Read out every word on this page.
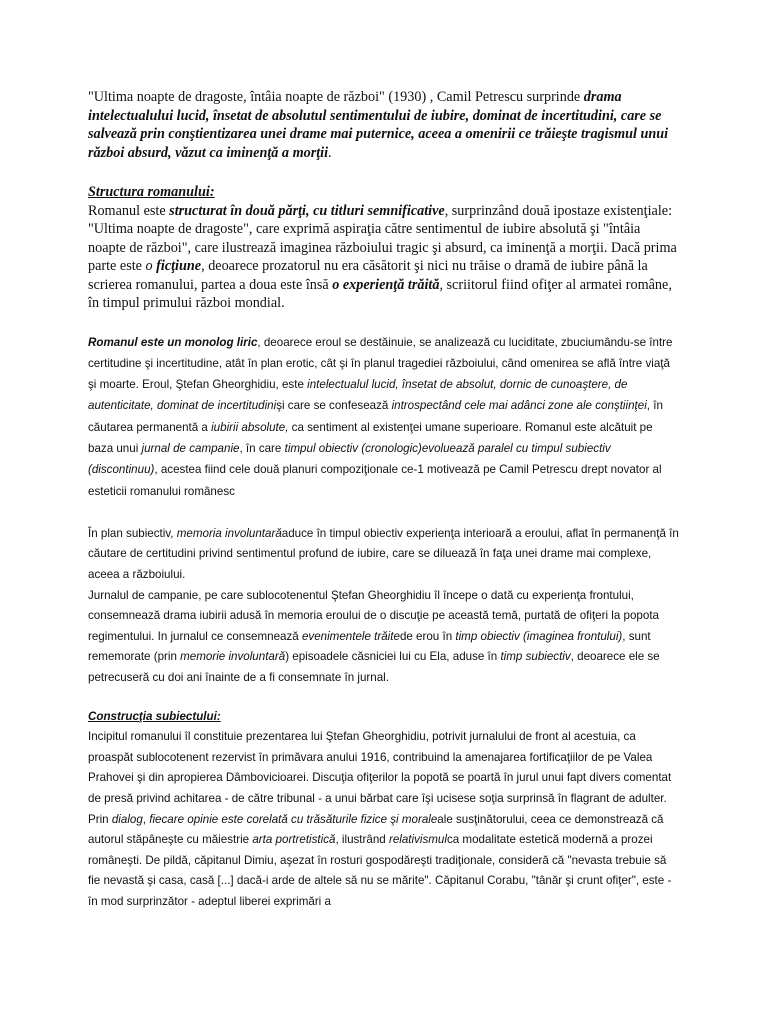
"Ultima noapte de dragoste, întâia noapte de război" (1930) , Camil Petrescu surprinde drama intelectualului lucid, însetat de absolutul sentimentului de iubire, dominat de incertitudini, care se salvează prin conştientizarea unei drame mai puternice, aceea a omenirii ce trăieşte tragismul unui război absurd, văzut ca iminenţă a morţii.

Structura romanului:
Romanul este structurat în două părţi, cu titluri semnificative, surprinzând două ipostaze existenţiale: "Ultima noapte de dragoste", care exprimă aspiraţia către sentimentul de iubire absolută şi "întâia noapte de război", care ilustrează imaginea războiului tragic şi absurd, ca iminenţă a morţii. Dacă prima parte este o ficţiune, deoarece prozatorul nu era căsătorit şi nici nu trăise o dramă de iubire până la scrierea romanului, partea a doua este însă o experienţă trăită, scriitorul fiind ofiţer al armatei române, în timpul primului război mondial.

Romanul este un monolog liric, deoarece eroul se destăinuie, se analizează cu luciditate, zbuciumându-se între certitudine şi incertitudine, atât în plan erotic, cât şi în planul tragediei războiului, când omenirea se află între viaţă şi moarte. Eroul, Ştefan Gheorghidiu, este intelectualul lucid, însetat de absolut, dornic de cunoaştere, de autenticitate, dominat de incertitudinişi care se confesează introspectând cele mai adânci zone ale conştiinţei, în căutarea permanentă a iubirii absolute, ca sentiment al existenţei umane superioare. Romanul este alcătuit pe baza unui jurnal de campanie, în care timpul obiectiv (cronologic)evoluează paralel cu timpul subiectiv (discontinuu), acestea fiind cele două planuri compoziţionale ce-1 motivează pe Camil Petrescu drept novator al esteticii romanului românesc

În plan subiectiv, memoria involuntarăaduce în timpul obiectiv experienţa interioară a eroului, aflat în permanenţă în căutare de certitudini privind sentimentul profund de iubire, care se diluează în faţa unei drame mai complexe, aceea a războiului.

Jurnalul de campanie, pe care sublocotenentul Ştefan Gheorghidiu îl începe o dată cu experienţa frontului, consemnează drama iubirii adusă în memoria eroului de o discuţie pe această temă, purtată de ofiţeri la popota regimentului. In jurnalul ce consemnează evenimentele trăitede erou în timp obiectiv (imaginea frontului), sunt rememorate (prin memorie involuntară) episoadele căsniciei lui cu Ela, aduse în timp subiectiv, deoarece ele se petrecuseră cu doi ani înainte de a fi consemnate în jurnal.

Construcţia subiectului:
Incipitul romanului îl constituie prezentarea lui Ştefan Gheorghidiu, potrivit jurnalului de front al acestuia, ca proaspăt sublocotenent rezervist în primăvara anului 1916, contribuind la amenajarea fortificaţiilor de pe Valea Prahovei şi din apropierea Dâmbovicioarei. Discuţia ofiţerilor la popotă se poartă în jurul unui fapt divers comentat de presă privind achitarea - de către tribunal - a unui bărbat care îşi ucisese soţia surprinsă în flagrant de adulter.

Prin dialog, fiecare opinie este corelată cu trăsăturile fizice şi moraleale susţinătorului, ceea ce demonstrează că autorul stăpâneşte cu măiestrie arta portretistică, ilustrând relativismulca modalitate estetică modernă a prozei româneşti. De pildă, căpitanul Dimiu, aşezat în rosturi gospodăreşti tradiţionale, consideră că "nevasta trebuie să fie nevastă şi casa, casă [...] dacă-i arde de altele să nu se mărite". Căpitanul Corabu, "tânăr şi crunt ofiţer", este - în mod surprinzător - adeptul liberei exprimări a
